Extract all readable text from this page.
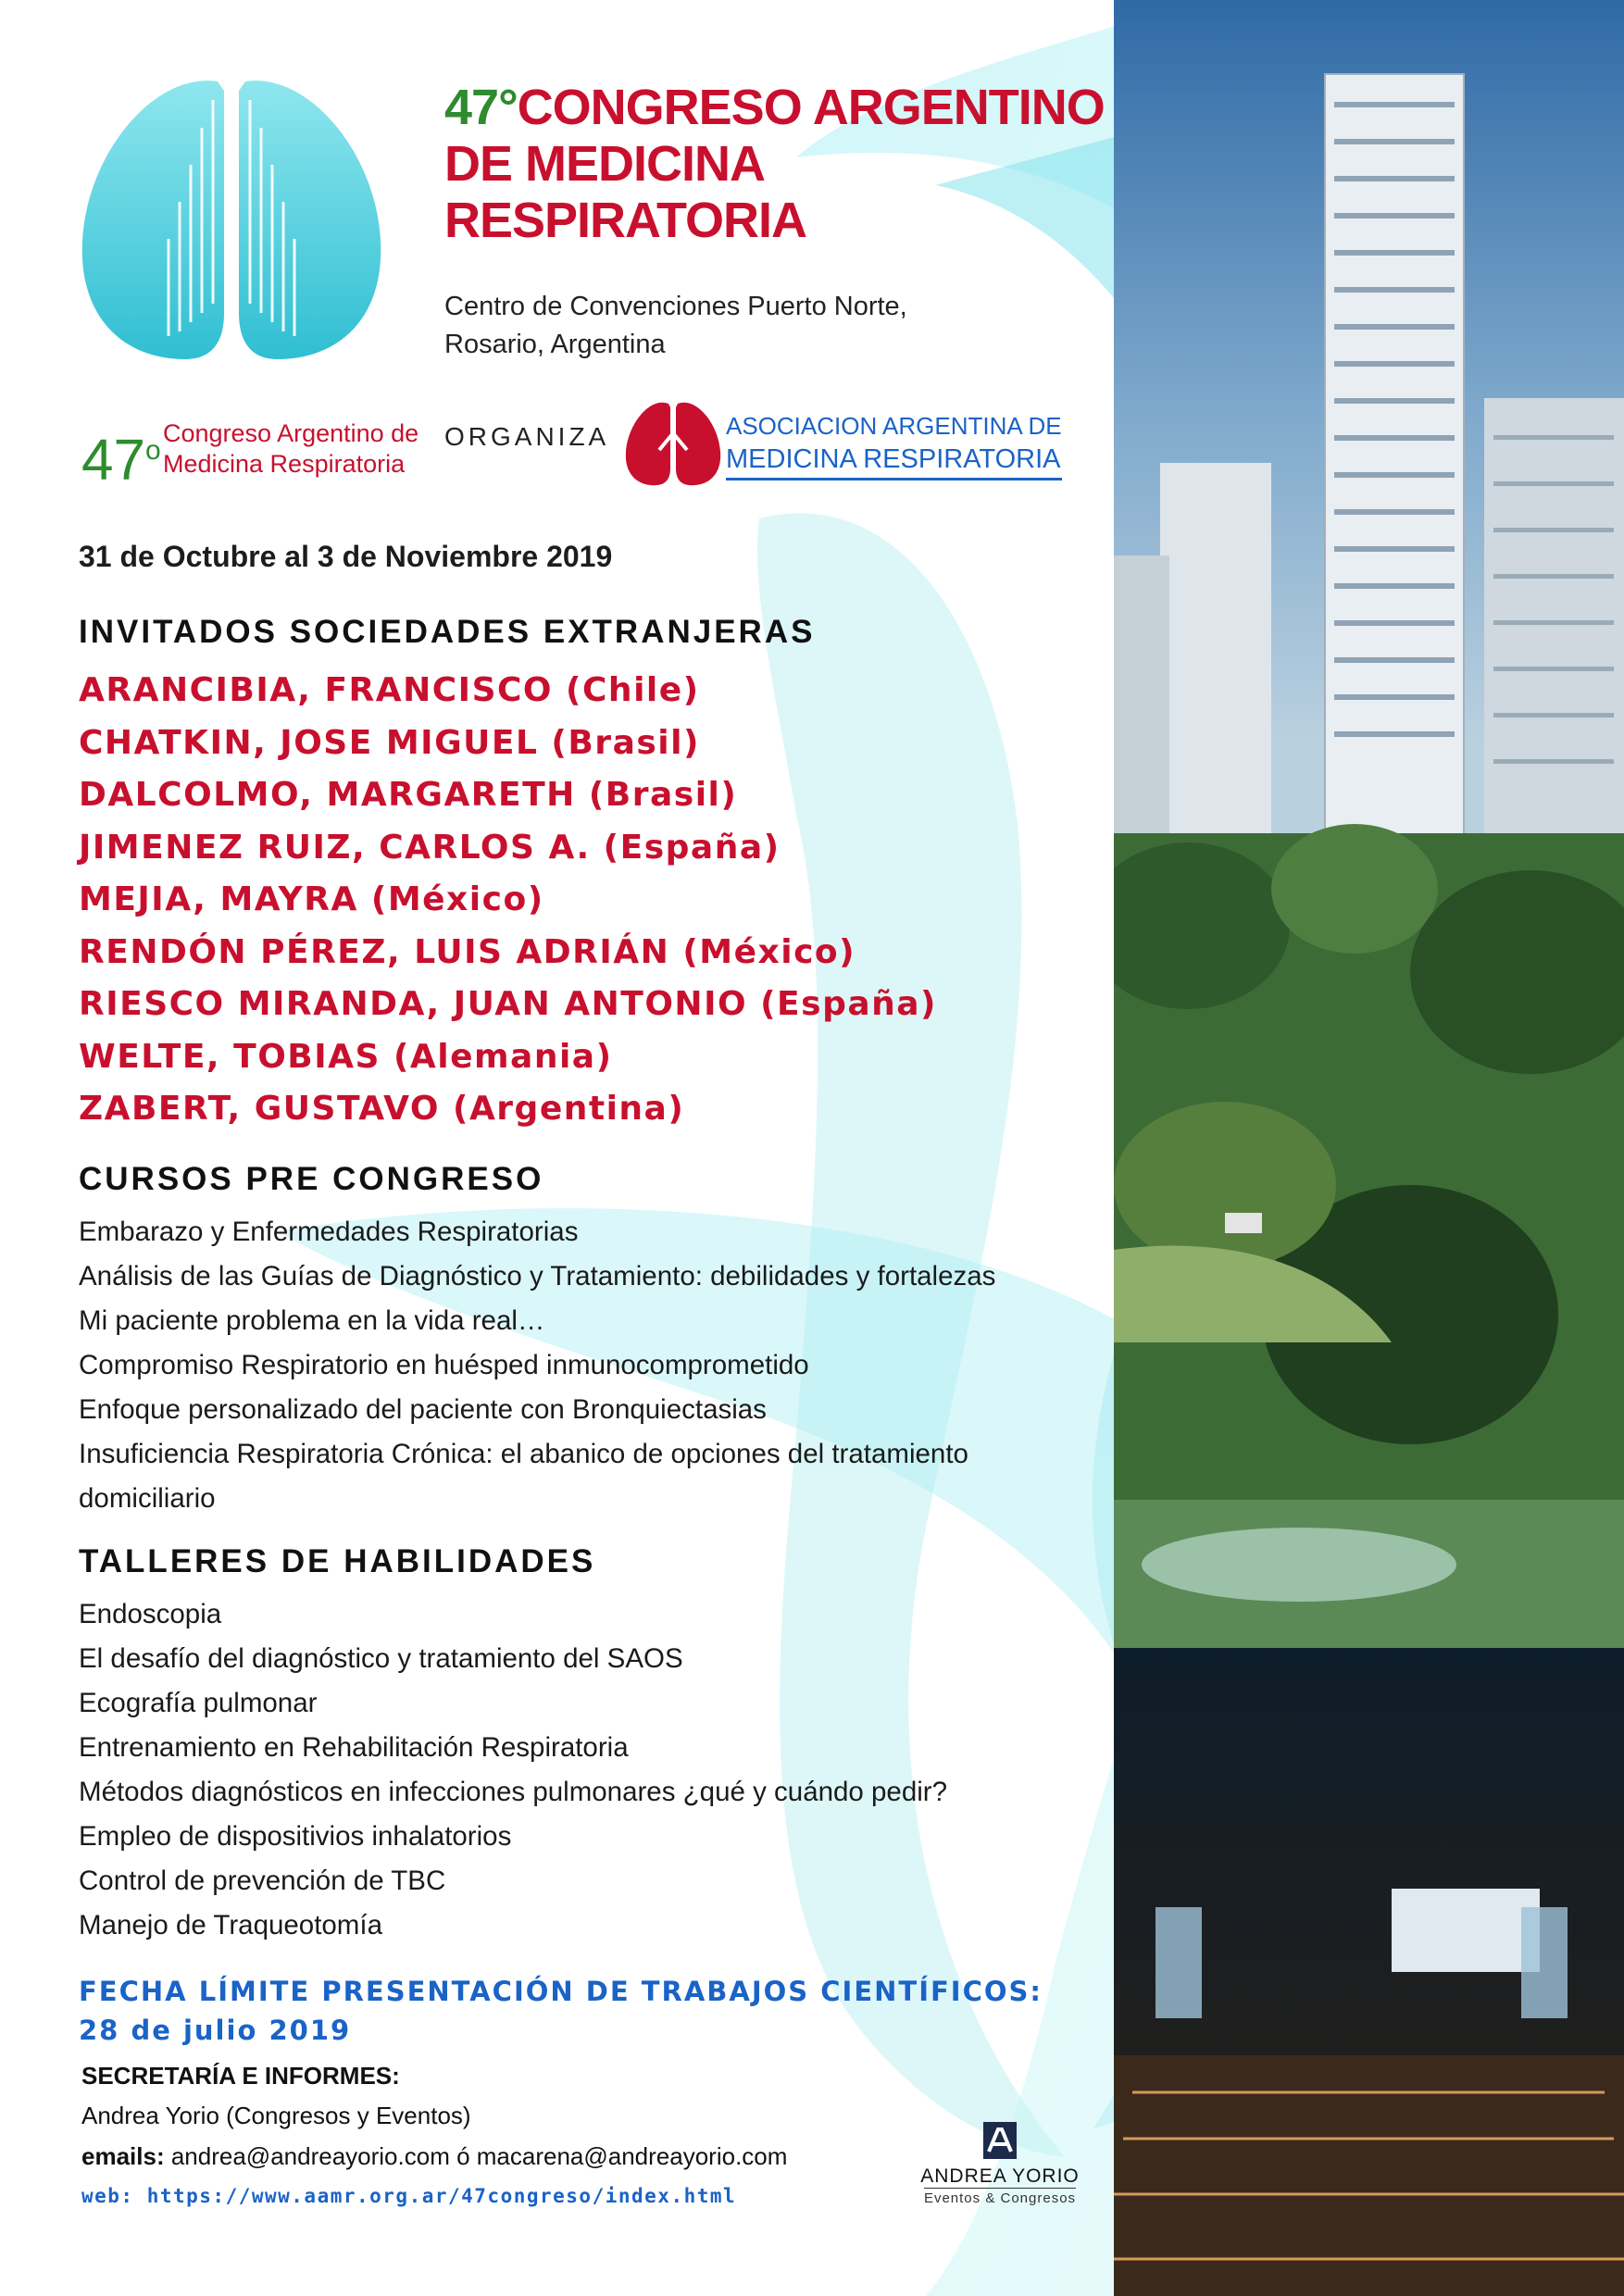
47°CONGRESO ARGENTINO
DE MEDICINA
RESPIRATORIA
Centro de Convenciones Puerto Norte,
Rosario, Argentina
47$^o$
Congreso Argentino de
Medicina Respiratoria
ORGANIZA	ASOCIACION ARGENTINA DE
MEDICINA RESPIRATORIA
31 de Octubre al 3 de Noviembre 2019
INVITADOS SOCIEDADES EXTRANJERAS
ARANCIBIA, FRANCISCO (Chile)
CHATKIN, JOSE MIGUEL (Brasil)
DALCOLMO, MARGARETH (Brasil)
JIMENEZ RUIZ, CARLOS A. (España)
MEJIA, MAYRA (México)
RENDÓN PÉREZ, LUIS ADRIÁN (México)
RIESCO MIRANDA, JUAN ANTONIO (España)
WELTE, TOBIAS (Alemania)
ZABERT, GUSTAVO (Argentina)
CURSOS PRE CONGRESO
Embarazo y Enfermedades Respiratorias
Análisis de las Guías de Diagnóstico y Tratamiento: debilidades y fortalezas
Mi paciente problema en la vida real…
Compromiso Respiratorio en huésped inmunocomprometido
Enfoque personalizado del paciente con Bronquiectasias
Insuficiencia Respiratoria Crónica: el abanico de opciones del tratamiento
domiciliario
TALLERES DE HABILIDADES
Endoscopia
El desafío del diagnóstico y tratamiento del SAOS
Ecografía pulmonar
Entrenamiento en Rehabilitación Respiratoria
Métodos diagnósticos en infecciones pulmonares ¿qué y cuándo pedir?
Empleo de dispositivios inhalatorios
Control de prevención de TBC
Manejo de Traqueotomía
FECHA LÍMITE PRESENTACIÓN DE TRABAJOS CIENTÍFICOS:
28 de julio 2019
SECRETARÍA E INFORMES:
Andrea Yorio (Congresos y Eventos)
emails: andrea@andreayorio.com ó macarena@andreayorio.com
web: https://www.aamr.org.ar/47congreso/index.html
ANDREA YORIO
Eventos & Congresos
